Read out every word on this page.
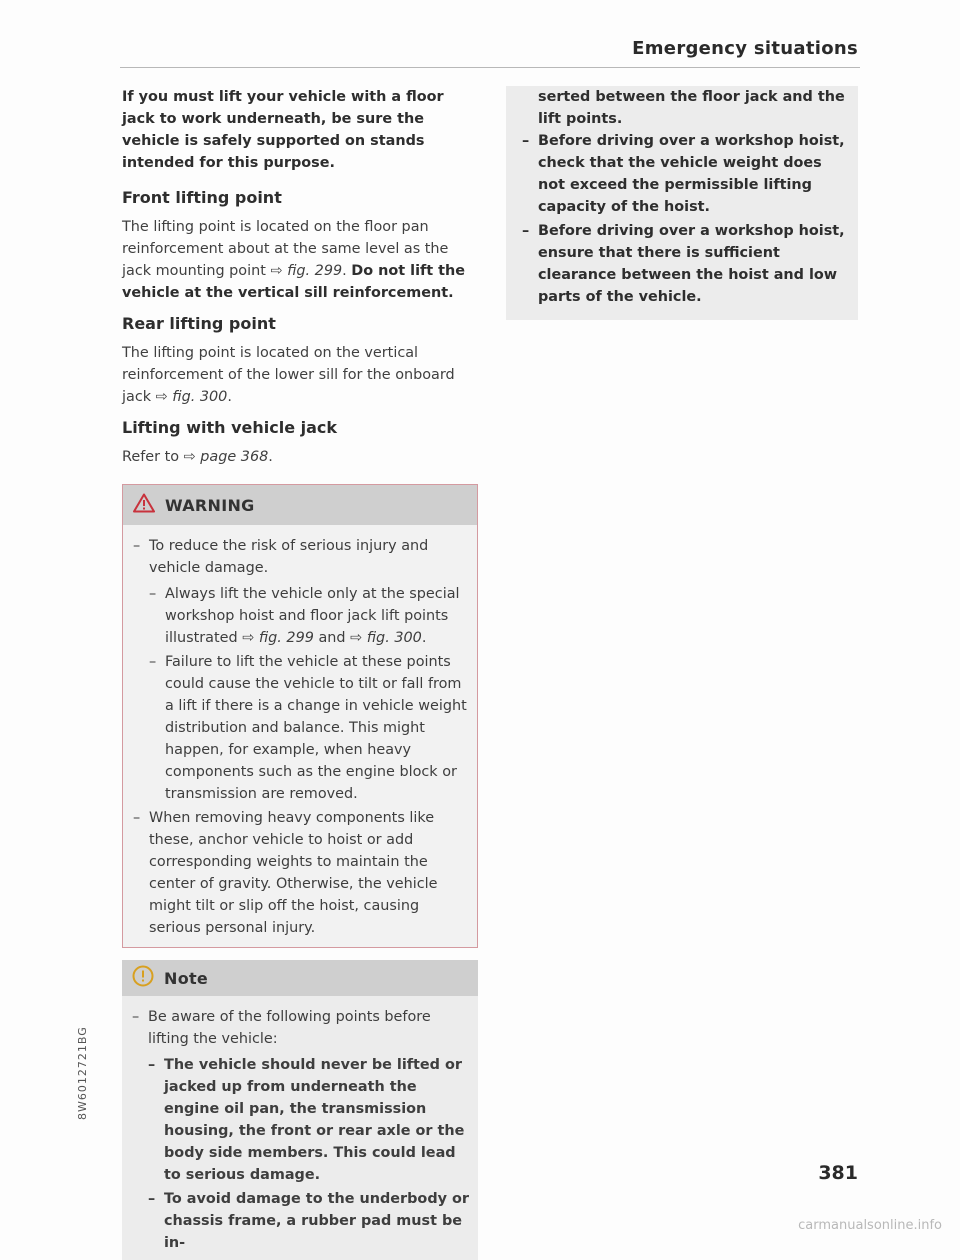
Emergency situations

If you must lift your vehicle with a floor jack to work underneath, be sure the vehicle is safely supported on stands intended for this purpose.

Front lifting point

The lifting point is located on the floor pan reinforcement about at the same level as the jack mounting point ⇨ fig. 299. Do not lift the vehicle at the vertical sill reinforcement.

Rear lifting point

The lifting point is located on the vertical reinforcement of the lower sill for the onboard jack ⇨ fig. 300.

Lifting with vehicle jack

Refer to ⇨ page 368.

WARNING
– To reduce the risk of serious injury and vehicle damage.
– Always lift the vehicle only at the special workshop hoist and floor jack lift points illustrated ⇨ fig. 299 and ⇨ fig. 300.
– Failure to lift the vehicle at these points could cause the vehicle to tilt or fall from a lift if there is a change in vehicle weight distribution and balance. This might happen, for example, when heavy components such as the engine block or transmission are removed.
– When removing heavy components like these, anchor vehicle to hoist or add corresponding weights to maintain the center of gravity. Otherwise, the vehicle might tilt or slip off the hoist, causing serious personal injury.
Note
– Be aware of the following points before lifting the vehicle:
– The vehicle should never be lifted or jacked up from underneath the engine oil pan, the transmission housing, the front or rear axle or the body side members. This could lead to serious damage.
– To avoid damage to the underbody or chassis frame, a rubber pad must be in-

serted between the floor jack and the lift points.

– Before driving over a workshop hoist, check that the vehicle weight does not exceed the permissible lifting capacity of the hoist.
– Before driving over a workshop hoist, ensure that there is sufficient clearance between the hoist and low parts of the vehicle.
8W6012721BG
381
carmanualsonline.info
